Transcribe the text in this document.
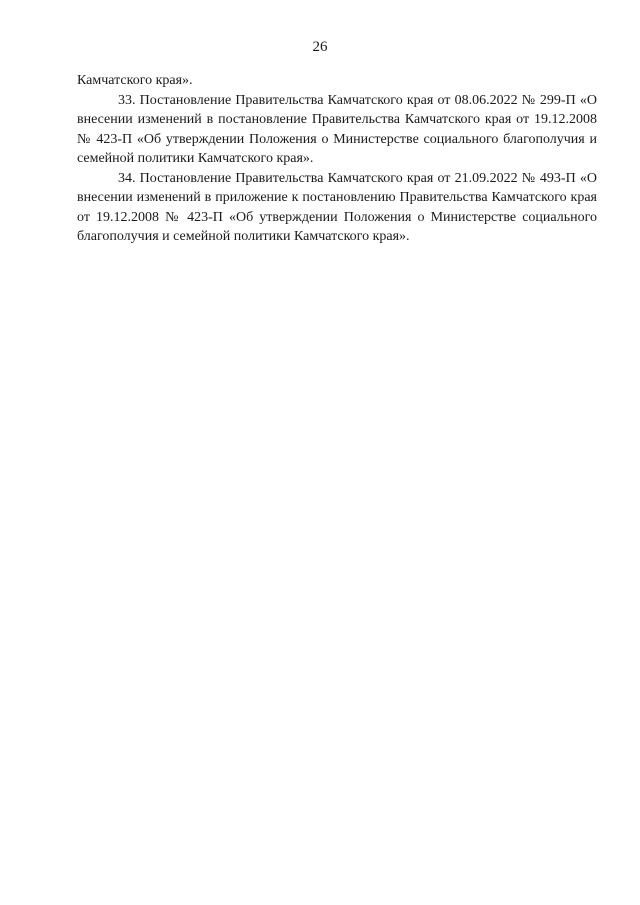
26

Камчатского края».

33. Постановление Правительства Камчатского края от 08.06.2022 № 299-П «О внесении изменений в постановление Правительства Камчатского края от 19.12.2008 № 423-П «Об утверждении Положения о Министерстве социального благополучия и семейной политики Камчатского края».

34. Постановление Правительства Камчатского края от 21.09.2022 № 493-П «О внесении изменений в приложение к постановлению Правительства Камчатского края от 19.12.2008 № 423-П «Об утверждении Положения о Министерстве социального благополучия и семейной политики Камчатского края».
